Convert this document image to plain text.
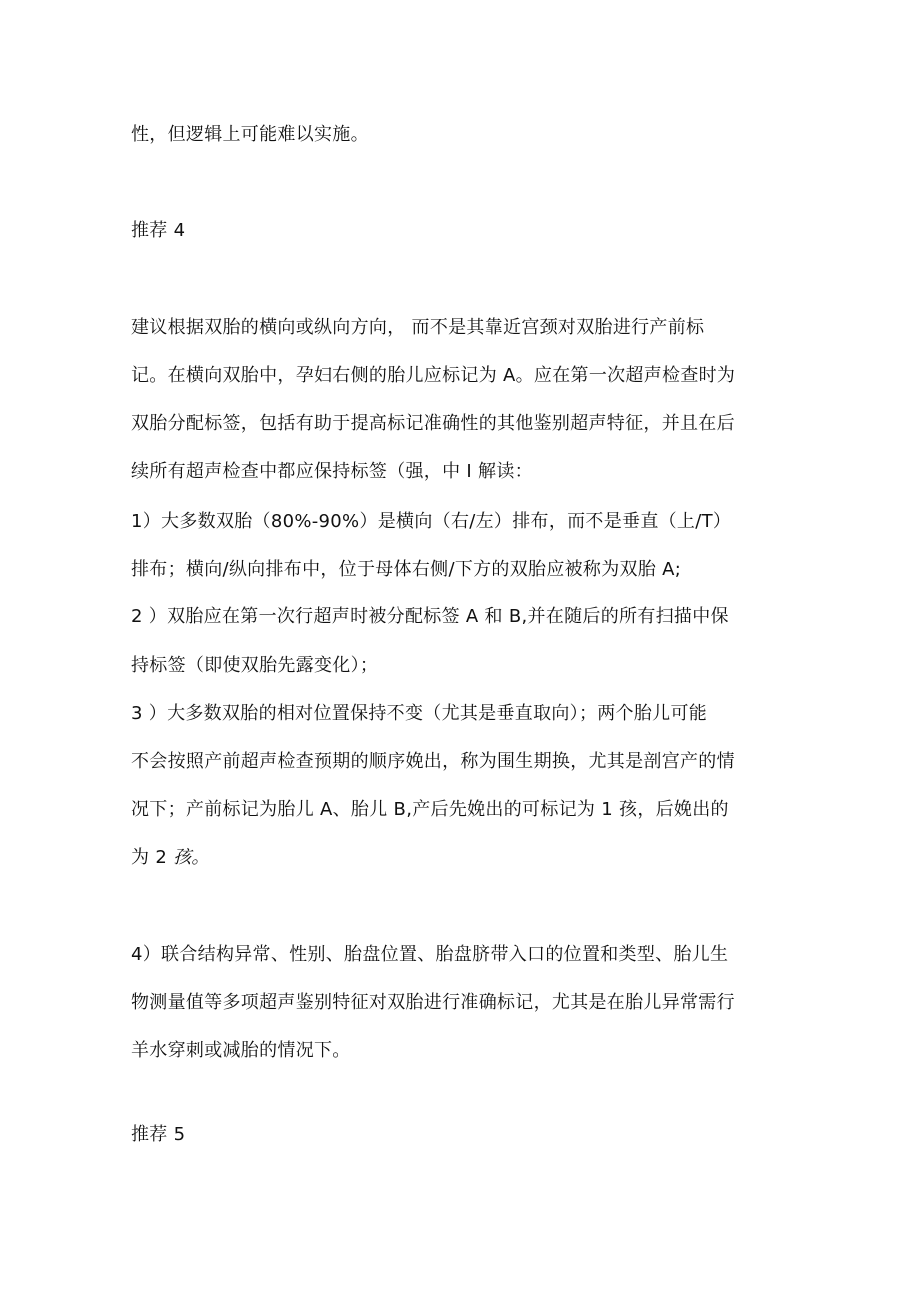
性，但逻辑上可能难以实施。
推荐 4
建议根据双胎的横向或纵向方向， 而不是其靠近宫颈对双胎进行产前标
记。在横向双胎中，孕妇右侧的胎儿应标记为 A。应在第一次超声检查时为
双胎分配标签，包括有助于提高标记准确性的其他鉴别超声特征，并且在后
续所有超声检查中都应保持标签（强，中 I 解读：
1）大多数双胎（80%-90%）是横向（右/左）排布，而不是垂直（上/T）
排布；横向/纵向排布中，位于母体右侧/下方的双胎应被称为双胎 A;
2 ）双胎应在第一次行超声时被分配标签 A 和 B,并在随后的所有扫描中保
持标签（即使双胎先露变化）；
3 ）大多数双胎的相对位置保持不变（尤其是垂直取向）；两个胎儿可能
不会按照产前超声检查预期的顺序娩出，称为围生期换，尤其是剖宫产的情
况下；产前标记为胎儿 A、胎儿 B,产后先娩出的可标记为 1 孩，后娩出的
为 2 孩。
4）联合结构异常、性别、胎盘位置、胎盘脐带入口的位置和类型、胎儿生
物测量值等多项超声鉴别特征对双胎进行准确标记，尤其是在胎儿异常需行
羊水穿刺或减胎的情况下。
推荐 5
